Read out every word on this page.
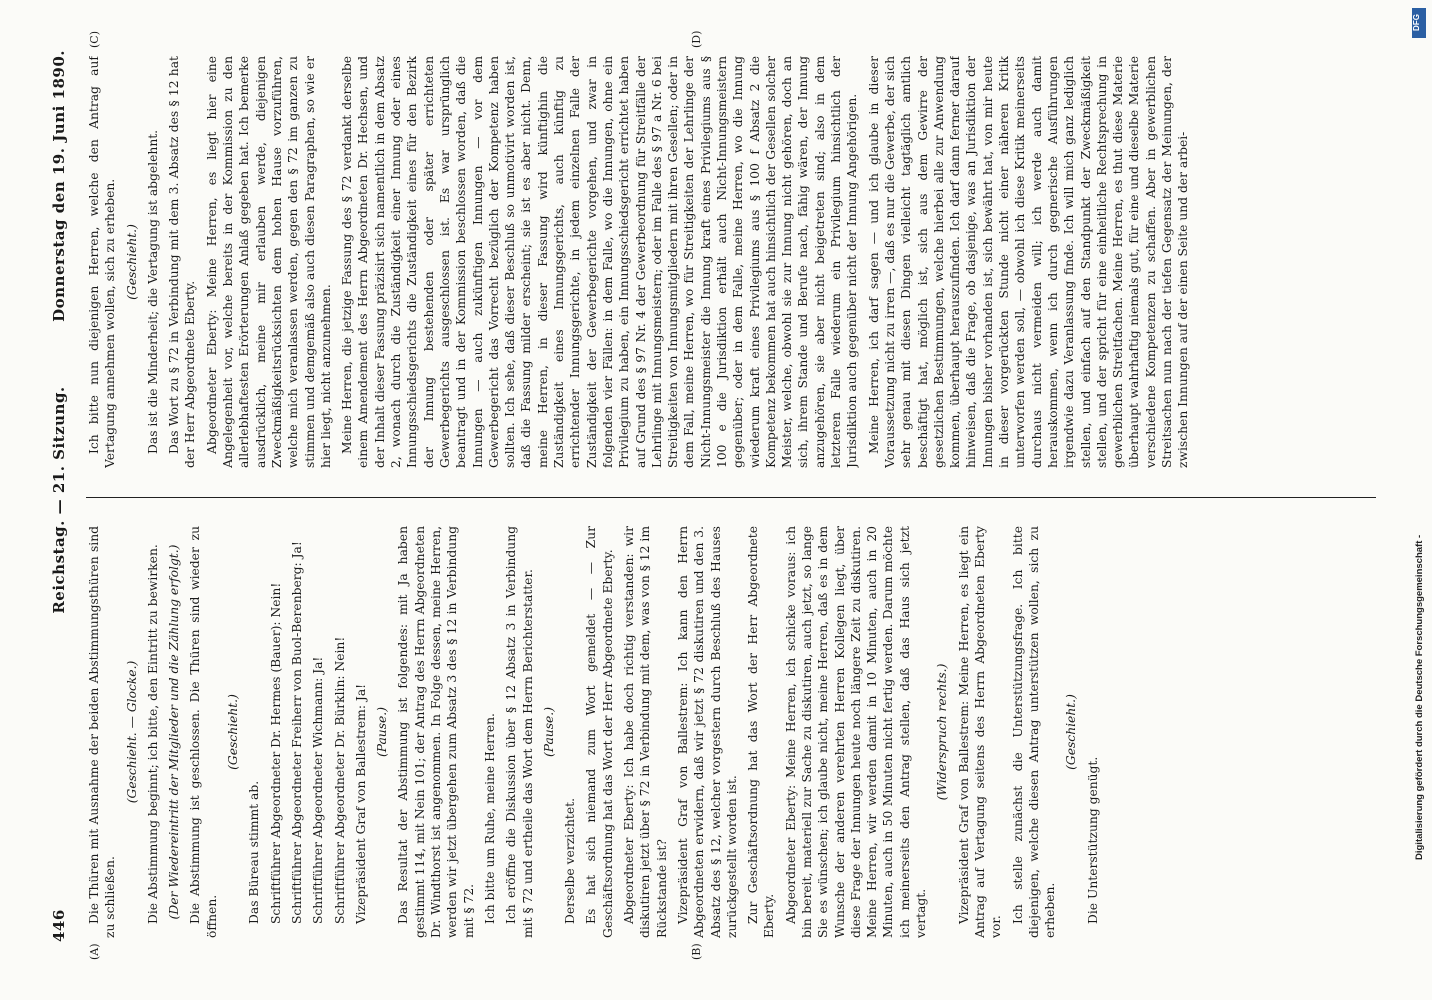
446
Reichstag. — 21. Sitzung.
Donnerstag den 19. Juni 1890.
(A)	(B)
(C)	(D)

Die Thüren mit Ausnahme der beiden Abstimmungsthüren sind zu schließen.

(Geschieht. — Glocke.) Die Abstimmung beginnt; ich bitte, den Eintritt zu bewirken. (Der Wiedereintritt der Mitglieder und die Zählung erfolgt.) Die Abstimmung ist geschlossen. Die Thüren sind wieder zu öffnen.

(Geschieht.)

Das Büreau stimmt ab. Schriftführer Abgeordneter Dr. Hermes (Bauer): Nein! Schriftführer Abgeordneter Freiherr von Buol-Berenberg: Ja! Schriftführer Abgeordneter Wichmann: Ja! Schriftführer Abgeordneter Dr. Bürklin: Nein! Vizepräsident Graf von Ballestrem: Ja! (Pause.) Das Resultat der Abstimmung ist folgendes: mit Ja haben gestimmt 114, mit Nein 101; der Antrag des Herrn Abgeordneten Dr. Windthorst ist angenommen. In Folge dessen, meine Herren, werden wir jetzt übergehen zum Absatz 3 des § 12 in Verbindung mit § 72. Ich bitte um Ruhe, meine Herren. Ich eröffne die Diskussion über § 12 Absatz 3 in Verbindung mit § 72 und ertheile das Wort dem Herrn Berichterstatter. (Pause.)

Derselbe verzichtet. Es hat sich niemand zum Wort gemeldet — — Zur Geschäftsordnung hat das Wort der Herr Abgeordnete Eberty. Abgeordneter Eberty: Ich habe doch richtig verstanden: wir diskutiren jetzt über § 72 in Verbindung mit dem, was von § 12 im Rückstande ist? Vizepräsident Graf von Ballestrem: Ich kann den Herrn Abgeordneten erwidern, daß wir jetzt § 72 diskutiren und den 3. Absatz des § 12, welcher vorgestern durch Beschluß des Hauses zurückgestellt worden ist. Zur Geschäftsordnung hat das Wort der Herr Abgeordnete Eberty. Abgeordneter Eberty: Meine Herren, ich schicke voraus: ich bin bereit, materiell zur Sache zu diskutiren, auch jetzt, so lange Sie es wünschen; ich glaube nicht, meine Herren, daß es in dem Wunsche der anderen verehrten Herren Kollegen liegt, über diese Frage der Innungen heute noch längere Zeit zu diskutiren. Meine Herren, wir werden damit in 10 Minuten, auch in 20 Minuten, auch in 50 Minuten nicht fertig werden. Darum möchte ich meinerseits den Antrag stellen, daß das Haus sich jetzt vertagt.

(Widerspruch rechts.) Vizepräsident Graf von Ballestrem: Meine Herren, es liegt ein Antrag auf Vertagung seitens des Herrn Abgeordneten Eberty vor.

Ich stelle zunächst die Unterstützungsfrage. Ich bitte diejenigen, welche diesen Antrag unterstützen wollen, sich zu erheben.

(Geschieht.)

Die Unterstützung genügt.

Ich bitte nun diejenigen Herren, welche den Antrag auf Vertagung annehmen wollen, sich zu erheben. (Geschieht.) Das ist die Minderheit; die Vertagung ist abgelehnt. Das Wort zu § 72 in Verbindung mit dem 3. Absatz des § 12 hat der Herr Abgeordnete Eberty. Abgeordneter Eberty: Meine Herren, es liegt hier eine Angelegenheit vor, welche bereits in der Kommission zu den allerlebhaftesten Erörterungen Anlaß gegeben hat. Ich bemerke ausdrücklich, meine mir erlauben werde, diejenigen Zweckmäßigkeitsrücksichten dem hohen Hause vorzuführen, welche mich veranlassen werden, gegen den § 72 im ganzen zu stimmen und demgemäß also auch diesen Paragraphen, so wie er hier liegt, nicht anzunehmen. Meine Herren, die jetzige Fassung des § 72 verdankt derselbe einem Amendement des Herrn Abgeordneten Dr. Hechsen, und der Inhalt dieser Fassung präzisirt sich namentlich in dem Absatz 2, wonach durch die Zuständigkeit einer Innung oder eines Innungsschiedsgerichts die Zuständigkeit eines für den Bezirk der Innung bestehenden oder später errichteten Gewerbegerichts ausgeschlossen ist. Es war ursprünglich beantragt und in der Kommission beschlossen worden, daß die Innungen — auch zukünftigen Innungen — vor dem Gewerbegericht das Vorrecht bezüglich der Kompetenz haben sollten. Ich sehe, daß dieser Beschluß so unmotivirt worden ist, daß die Fassung milder erscheint; sie ist es aber nicht. Denn, meine Herren, in dieser Fassung wird künftighin die Zuständigkeit eines Innungsgerichts, auch künftig zu errichtender Innungsgerichte, in jedem einzelnen Falle der Zuständigkeit der Gewerbegerichte vorgehen, und zwar in folgenden vier Fällen: in dem Falle, wo die Innungen, ohne ein Privilegium zu haben, ein Innungsschiedsgericht errichtet haben auf Grund des § 97 Nr. 4 der Gewerbeordnung für Streitfälle der Lehrlinge mit Innungsmeistern; oder im Falle des § 97 a Nr. 6 bei Streitigkeiten von Innungsmitgliedern mit ihren Gesellen; oder in dem Fall, meine Herren, wo für Streitigkeiten der Lehrlinge der Nicht-Innungsmeister die Innung kraft eines Privilegiums aus § 100 e die Jurisdiktion erhält auch Nicht-Innungsmeistern gegenüber; oder in dem Falle, meine Herren, wo die Innung wiederum kraft eines Privilegiums aus § 100 f Absatz 2 die Kompetenz bekommen hat auch hinsichtlich der Gesellen solcher Meister, welche, obwohl sie zur Innung nicht gehören, doch an sich, ihrem Stande und Berufe nach, fähig wären, der Innung anzugehören, sie aber nicht beigetreten sind; also in dem letzteren Falle wiederum ein Privilegium hinsichtlich der Jurisdiktion auch gegenüber nicht der Innung Angehörigen. Meine Herren, ich darf sagen — und ich glaube in dieser Voraussetzung nicht zu irren —, daß es nur die Gewerbe, der sich sehr genau mit diesen Dingen vielleicht tagtäglich amtlich beschäftigt hat, möglich ist, sich aus dem Gewirre der gesetzlichen Bestimmungen, welche hierbei alle zur Anwendung kommen, überhaupt herauszufinden. Ich darf dann ferner darauf hinweisen, daß die Frage, ob dasjenige, was an Jurisdiktion der Innungen bisher vorhanden ist, sich bewährt hat, von mir heute in dieser vorgerückten Stunde nicht einer näheren Kritik unterworfen werden soll, — obwohl ich diese Kritik meinerseits durchaus nicht vermeiden will; ich werde auch damit herauskommen, wenn ich durch gegnerische Ausführungen irgendwie dazu Veranlassung finde. Ich will mich ganz lediglich stellen, und einfach auf den Standpunkt der Zweckmäßigkeit stellen, und der spricht für eine einheitliche Rechtsprechung in gewerblichen Streitfachen. Meine Herren, es thut diese Materie überhaupt wahrhaftig niemals gut, für eine und dieselbe Materie verschiedene Kompetenzen zu schaffen. Aber in gewerblichen Streitsachen nun nach der tiefen Gegensatz der Meinungen, der zwischen Innungen auf der einen Seite und der arbei-

DFG
Digitalisierung gefördert durch die Deutsche Forschungsgemeinschaft -
